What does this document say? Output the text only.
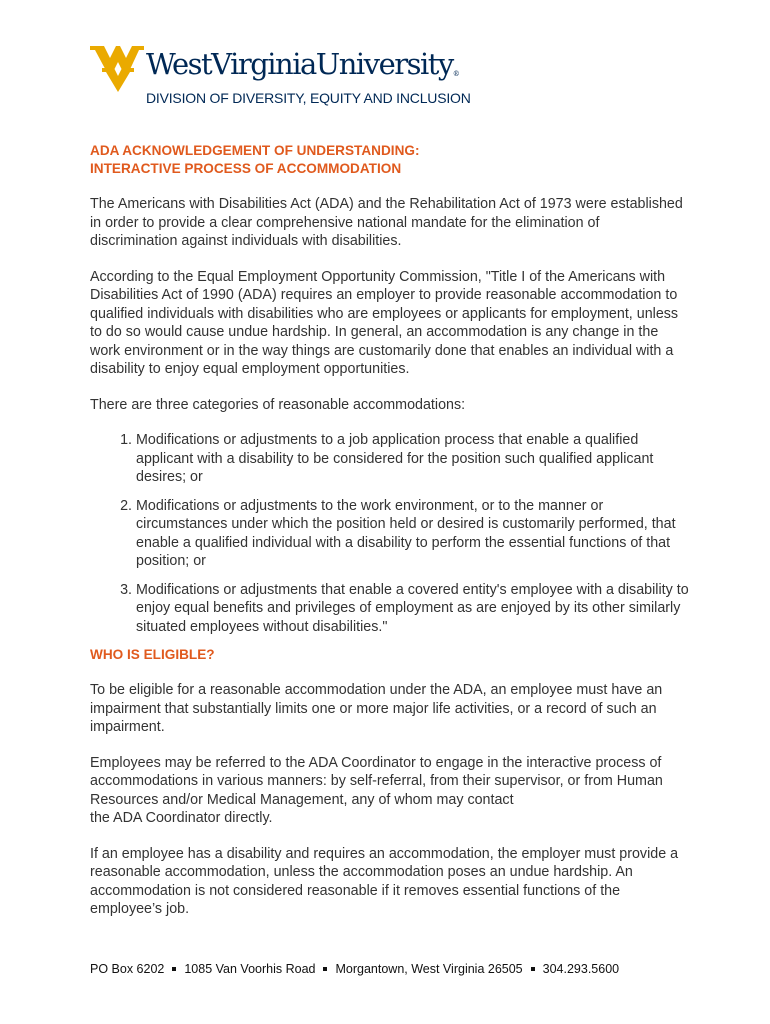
WestVirginiaUniversity®
DIVISION OF DIVERSITY, EQUITY AND INCLUSION

ADA ACKNOWLEDGEMENT OF UNDERSTANDING:
INTERACTIVE PROCESS OF ACCOMMODATION

The Americans with Disabilities Act (ADA) and the Rehabilitation Act of 1973 were established in order to provide a clear comprehensive national mandate for the elimination of discrimination against individuals with disabilities.

According to the Equal Employment Opportunity Commission, "Title I of the Americans with Disabilities Act of 1990 (ADA) requires an employer to provide reasonable accommodation to qualified individuals with disabilities who are employees or applicants for employment, unless to do so would cause undue hardship. In general, an accommodation is any change in the work environment or in the way things are customarily done that enables an individual with a disability to enjoy equal employment opportunities.

There are three categories of reasonable accommodations:

1. Modifications or adjustments to a job application process that enable a qualified applicant with a disability to be considered for the position such qualified applicant desires; or
2. Modifications or adjustments to the work environment, or to the manner or circumstances under which the position held or desired is customarily performed, that enable a qualified individual with a disability to perform the essential functions of that position; or
3. Modifications or adjustments that enable a covered entity's employee with a disability to enjoy equal benefits and privileges of employment as are enjoyed by its other similarly situated employees without disabilities."

WHO IS ELIGIBLE?

To be eligible for a reasonable accommodation under the ADA, an employee must have an impairment that substantially limits one or more major life activities, or a record of such an impairment.

Employees may be referred to the ADA Coordinator to engage in the interactive process of accommodations in various manners: by self-referral, from their supervisor, or from Human Resources and/or Medical Management, any of whom may contact
the ADA Coordinator directly.

If an employee has a disability and requires an accommodation, the employer must provide a reasonable accommodation, unless the accommodation poses an undue hardship. An accommodation is not considered reasonable if it removes essential functions of the employee’s job.

PO Box 6202 1085 Van Voorhis Road Morgantown, West Virginia 26505 304.293.5600
